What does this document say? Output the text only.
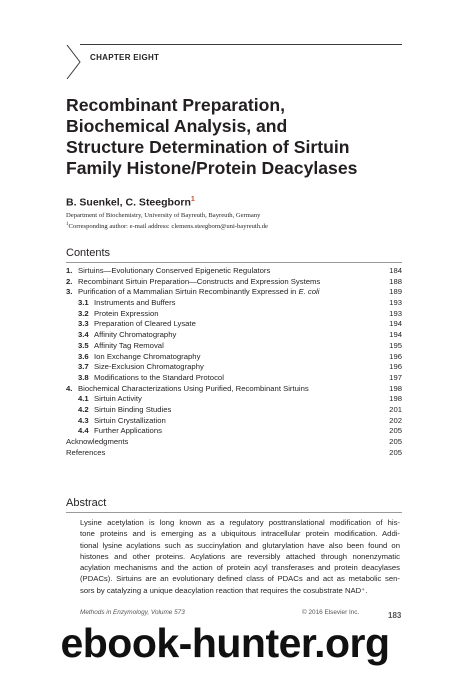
CHAPTER EIGHT
Recombinant Preparation,
Biochemical Analysis, and
Structure Determination of Sirtuin
Family Histone/Protein Deacylases
B. Suenkel, C. Steegborn$^1$
Department of Biochemistry, University of Bayreuth, Bayreuth, Germany
$^1$Corresponding author: e-mail address: clemens.steegborn@uni-bayreuth.de
Contents
1. Sirtuins—Evolutionary Conserved Epigenetic Regulators	184
2. Recombinant Sirtuin Preparation—Constructs and Expression Systems	188
3. Purification of a Mammalian Sirtuin Recombinantly Expressed in E. coli	189
3.1 Instruments and Buffers	193
3.2 Protein Expression	193
3.3 Preparation of Cleared Lysate	194
3.4 Affinity Chromatography	194
3.5 Affinity Tag Removal	195
3.6 Ion Exchange Chromatography	196
3.7 Size-Exclusion Chromatography	196
3.8 Modifications to the Standard Protocol	197
4. Biochemical Characterizations Using Purified, Recombinant Sirtuins	198
4.1 Sirtuin Activity	198
4.2 Sirtuin Binding Studies	201
4.3 Sirtuin Crystallization	202
4.4 Further Applications	205
Acknowledgments	205
References	205
Abstract
Lysine acetylation is long known as a regulatory posttranslational modification of his-
tone proteins and is emerging as a ubiquitous intracellular protein modification. Addi-
tional lysine acylations such as succinylation and glutarylation have also been found on
histones and other proteins. Acylations are reversibly attached through nonenzymatic
acylation mechanisms and the action of protein acyl transferases and protein deacylases
(PDACs). Sirtuins are an evolutionary defined class of PDACs and act as metabolic sen-
sors by catalyzing a unique deacylation reaction that requires the cosubstrate NAD⁺.
Methods in Enzymology, Volume 573	© 2016 Elsevier Inc.	183
ebook-hunter.org
